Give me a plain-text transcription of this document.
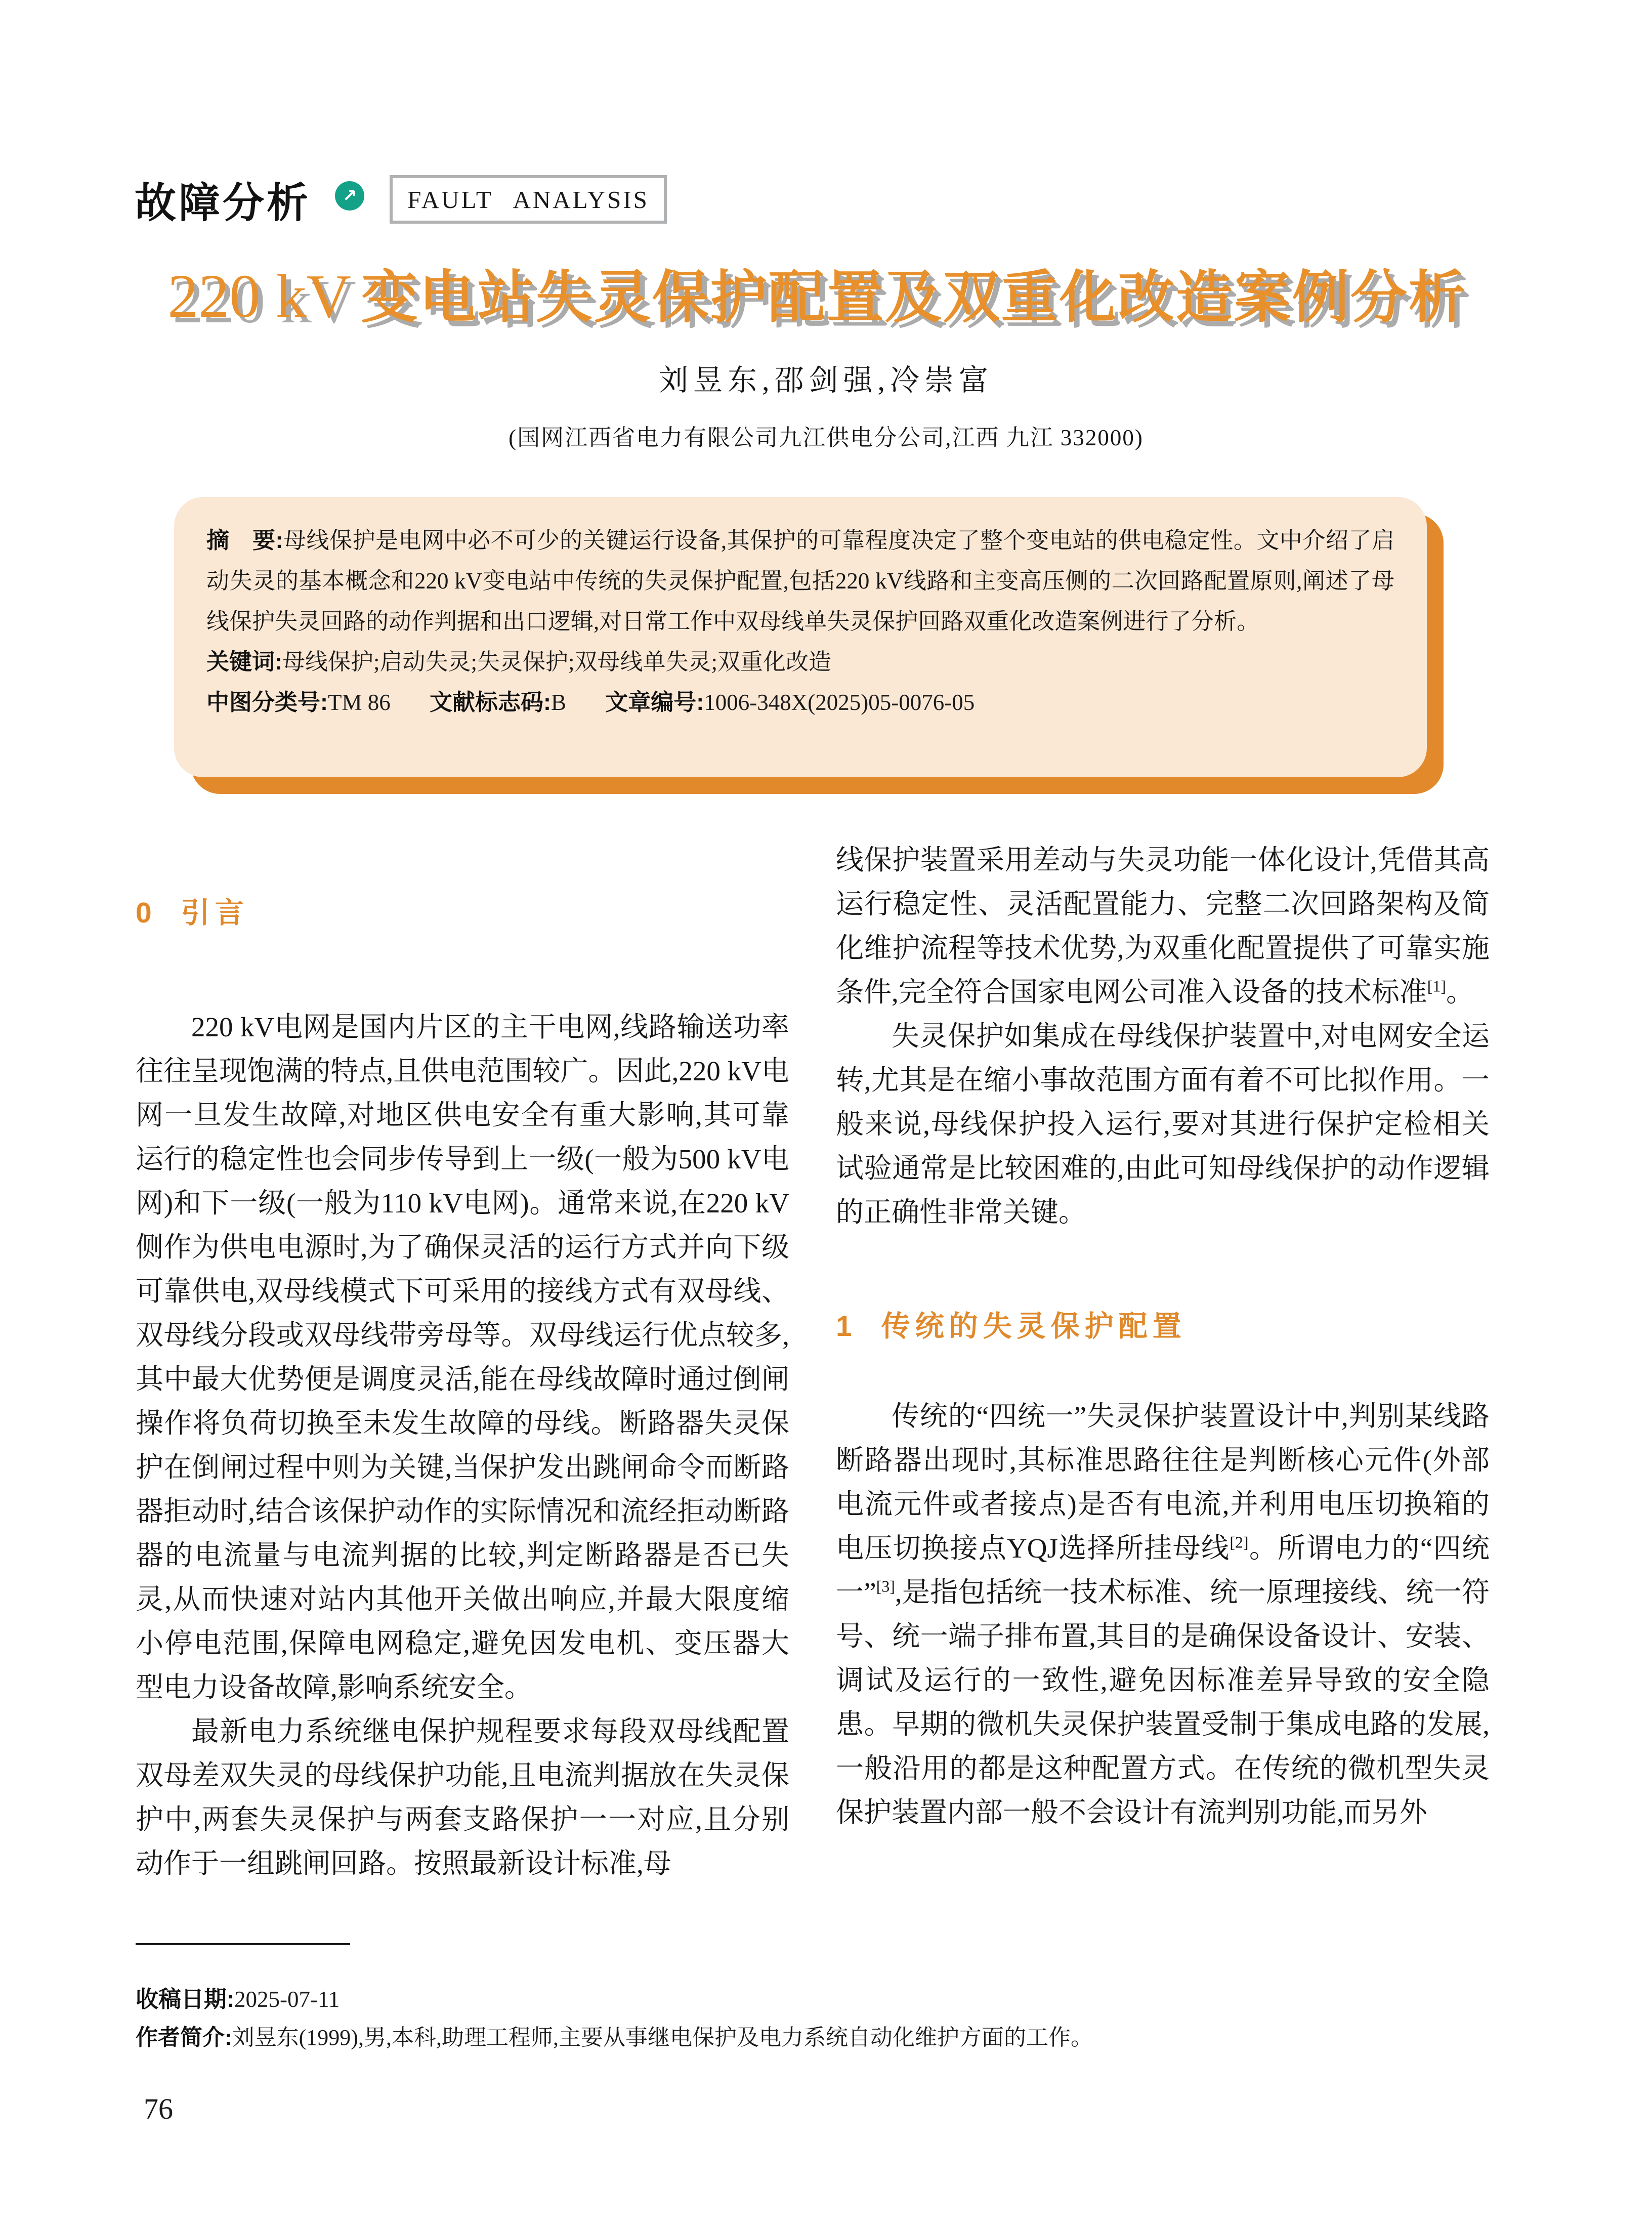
故障分析 ↗ FAULT ANALYSIS
220 kV 变电站失灵保护配置及双重化改造案例分析
刘昱东,邵剑强,冷崇富
(国网江西省电力有限公司九江供电分公司,江西 九江 332000)

摘　要:母线保护是电网中必不可少的关键运行设备,其保护的可靠程度决定了整个变电站的供电稳定性。文中介绍了启动失灵的基本概念和220 kV变电站中传统的失灵保护配置,包括220 kV线路和主变高压侧的二次回路配置原则,阐述了母线保护失灵回路的动作判据和出口逻辑,对日常工作中双母线单失灵保护回路双重化改造案例进行了分析。

关键词:母线保护;启动失灵;失灵保护;双母线单失灵;双重化改造

中图分类号:TM 86 文献标志码:B 文章编号:1006-348X(2025)05-0076-05

0 引言

220 kV电网是国内片区的主干电网,线路输送功率往往呈现饱满的特点,且供电范围较广。因此,220 kV电网一旦发生故障,对地区供电安全有重大影响,其可靠运行的稳定性也会同步传导到上一级(一般为500 kV电网)和下一级(一般为110 kV电网)。通常来说,在220 kV侧作为供电电源时,为了确保灵活的运行方式并向下级可靠供电,双母线模式下可采用的接线方式有双母线、双母线分段或双母线带旁母等。双母线运行优点较多,其中最大优势便是调度灵活,能在母线故障时通过倒闸操作将负荷切换至未发生故障的母线。断路器失灵保护在倒闸过程中则为关键,当保护发出跳闸命令而断路器拒动时,结合该保护动作的实际情况和流经拒动断路器的电流量与电流判据的比较,判定断路器是否已失灵,从而快速对站内其他开关做出响应,并最大限度缩小停电范围,保障电网稳定,避免因发电机、变压器大型电力设备故障,影响系统安全。

最新电力系统继电保护规程要求每段双母线配置双母差双失灵的母线保护功能,且电流判据放在失灵保护中,两套失灵保护与两套支路保护一一对应,且分别动作于一组跳闸回路。按照最新设计标准,母

线保护装置采用差动与失灵功能一体化设计,凭借其高运行稳定性、灵活配置能力、完整二次回路架构及简化维护流程等技术优势,为双重化配置提供了可靠实施条件,完全符合国家电网公司准入设备的技术标准[1]。

失灵保护如集成在母线保护装置中,对电网安全运转,尤其是在缩小事故范围方面有着不可比拟作用。一般来说,母线保护投入运行,要对其进行保护定检相关试验通常是比较困难的,由此可知母线保护的动作逻辑的正确性非常关键。

1 传统的失灵保护配置

传统的“四统一”失灵保护装置设计中,判别某线路断路器出现时,其标准思路往往是判断核心元件(外部电流元件或者接点)是否有电流,并利用电压切换箱的电压切换接点YQJ选择所挂母线[2]。所谓电力的“四统一”[3],是指包括统一技术标准、统一原理接线、统一符号、统一端子排布置,其目的是确保设备设计、安装、调试及运行的一致性,避免因标准差异导致的安全隐患。早期的微机失灵保护装置受制于集成电路的发展,一般沿用的都是这种配置方式。在传统的微机型失灵保护装置内部一般不会设计有流判别功能,而另外

收稿日期:2025-07-11
作者简介:刘昱东(1999),男,本科,助理工程师,主要从事继电保护及电力系统自动化维护方面的工作。
76
